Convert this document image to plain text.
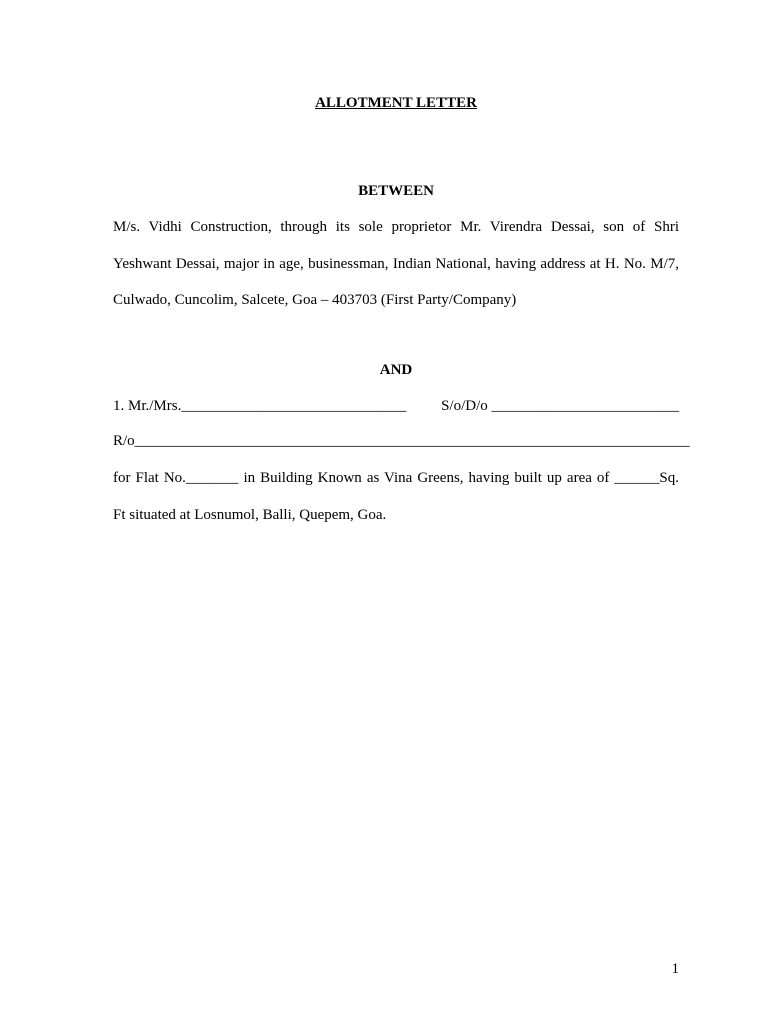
ALLOTMENT LETTER
BETWEEN
M/s. Vidhi Construction, through its sole proprietor Mr. Virendra Dessai, son of Shri
Yeshwant Dessai, major in age, businessman, Indian National, having address at H. No. M/7,
Culwado, Cuncolim, Salcete, Goa – 403703 (First Party/Company)
AND
1. Mr./Mrs.______________________________ S/o/D/o _________________________
R/o__________________________________________________________________________
for Flat No._______ in Building Known as Vina Greens, having built up area of ______Sq.
Ft situated at Losnumol, Balli, Quepem, Goa.
1
